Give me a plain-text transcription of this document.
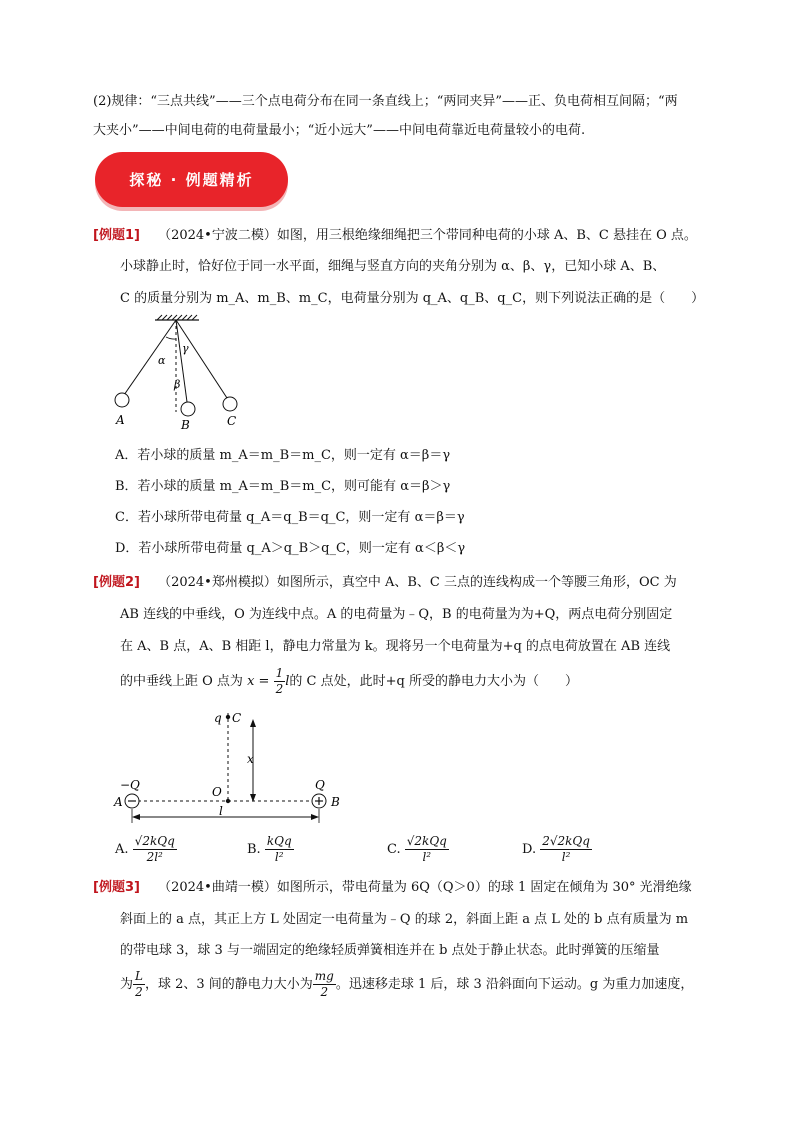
(2)规律：“三点共线”——三个点电荷分布在同一条直线上；“两同夹异”——正、负电荷相互间隔；“两
大夹小”——中间电荷的电荷量最小；“近小远大”——中间电荷靠近电荷量较小的电荷.
探秘 · 例题精析
[例题1] （2024•宁波二模）如图，用三根绝缘细绳把三个带同种电荷的小球 A、B、C 悬挂在 O 点。
小球静止时，恰好位于同一水平面，细绳与竖直方向的夹角分别为 α、β、γ，已知小球 A、B、
C 的质量分别为 m_A、m_B、m_C，电荷量分别为 q_A、q_B、q_C，则下列说法正确的是（　　）
A	B	C
α
β
γ
A．若小球的质量 m_A＝m_B＝m_C，则一定有 α＝β＝γ
B．若小球的质量 m_A＝m_B＝m_C，则可能有 α＝β＞γ
C．若小球所带电荷量 q_A＝q_B＝q_C，则一定有 α＝β＝γ
D．若小球所带电荷量 q_A＞q_B＞q_C，则一定有 α＜β＜γ
[例题2] （2024•郑州模拟）如图所示，真空中 A、B、C 三点的连线构成一个等腰三角形，OC 为
AB 连线的中垂线，O 为连线中点。A 的电荷量为﹣Q，B 的电荷量为为+Q，两点电荷分别固定
在 A、B 点，A、B 相距 l，静电力常量为 k。现将另一个电荷量为+q 的点电荷放置在 AB 连线
的中垂线上距 O 点为 $x = \frac{1}{2}$ l的 C 点处，此时+q 所受的静电力大小为（　　）
q C
x
−Q	Q
A
O
B
l
A. $\frac{\text{√2kQq}}{\text{2l²}}$	B. $\frac{\text{kQq}}{\text{l²}}$	C. $\frac{\text{√2kQq}}{\text{l²}}$	D. $\frac{\text{2√2kQq}}{\text{l²}}$
[例题3] （2024•曲靖一模）如图所示，带电荷量为 6Q（Q＞0）的球 1 固定在倾角为 30° 光滑绝缘
斜面上的 a 点，其正上方 L 处固定一电荷量为﹣Q 的球 2，斜面上距 a 点 L 处的 b 点有质量为 m
的带电球 3，球 3 与一端固定的绝缘轻质弹簧相连并在 b 点处于静止状态。此时弹簧的压缩量
为 $\frac{L}{2}$ ，球 2、3 间的静电力大小为 $\frac{mg}{2}$ 。迅速移走球 1 后，球 3 沿斜面向下运动。g 为重力加速度，
